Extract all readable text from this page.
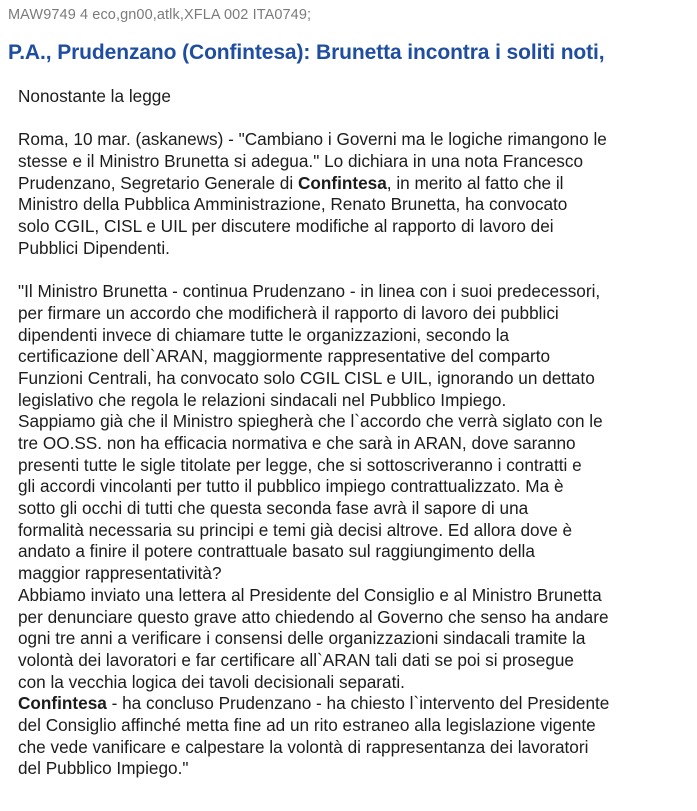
MAW9749 4 eco,gn00,atlk,XFLA 002 ITA0749;
P.A., Prudenzano (Confintesa): Brunetta incontra i soliti noti,
Nonostante la legge
Roma, 10 mar. (askanews) - "Cambiano i Governi ma le logiche rimangono le
stesse e il Ministro Brunetta si adegua." Lo dichiara in una nota Francesco
Prudenzano, Segretario Generale di Confintesa, in merito al fatto che il
Ministro della Pubblica Amministrazione, Renato Brunetta, ha convocato
solo CGIL, CISL e UIL per discutere modifiche al rapporto di lavoro dei
Pubblici Dipendenti.
"Il Ministro Brunetta - continua Prudenzano - in linea con i suoi predecessori,
per firmare un accordo che modificherà il rapporto di lavoro dei pubblici
dipendenti invece di chiamare tutte le organizzazioni, secondo la
certificazione dell`ARAN, maggiormente rappresentative del comparto
Funzioni Centrali, ha convocato solo CGIL CISL e UIL, ignorando un dettato
legislativo che regola le relazioni sindacali nel Pubblico Impiego.
Sappiamo già che il Ministro spiegherà che l`accordo che verrà siglato con le
tre OO.SS. non ha efficacia normativa e che sarà in ARAN, dove saranno
presenti tutte le sigle titolate per legge, che si sottoscriveranno i contratti e
gli accordi vincolanti per tutto il pubblico impiego contrattualizzato. Ma è
sotto gli occhi di tutti che questa seconda fase avrà il sapore di una
formalità necessaria su principi e temi già decisi altrove. Ed allora dove è
andato a finire il potere contrattuale basato sul raggiungimento della
maggior rappresentatività?
Abbiamo inviato una lettera al Presidente del Consiglio e al Ministro Brunetta
per denunciare questo grave atto chiedendo al Governo che senso ha andare
ogni tre anni a verificare i consensi delle organizzazioni sindacali tramite la
volontà dei lavoratori e far certificare all`ARAN tali dati se poi si prosegue
con la vecchia logica dei tavoli decisionali separati.
Confintesa - ha concluso Prudenzano - ha chiesto l`intervento del Presidente
del Consiglio affinché metta fine ad un rito estraneo alla legislazione vigente
che vede vanificare e calpestare la volontà di rappresentanza dei lavoratori
del Pubblico Impiego."
